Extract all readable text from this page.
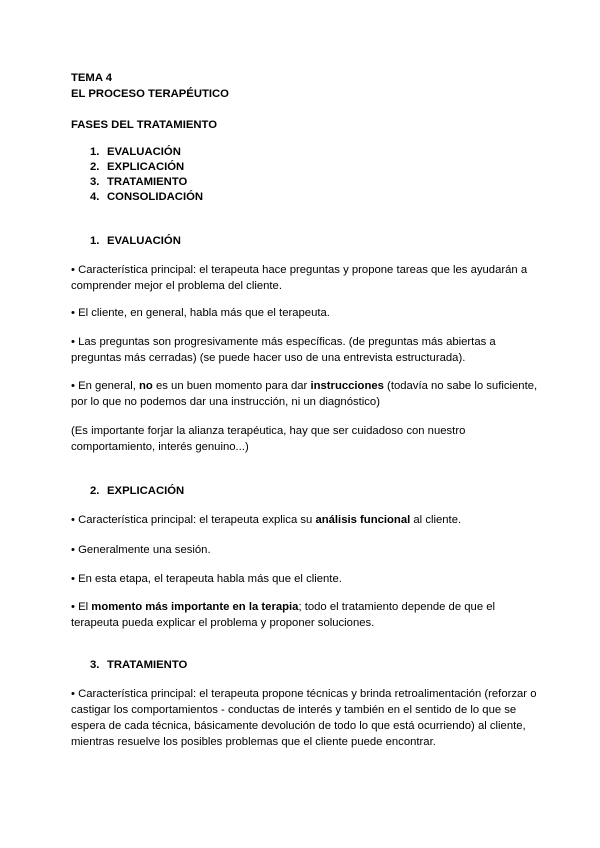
TEMA 4

EL PROCESO TERAPÉUTICO

FASES DEL TRATAMIENTO

1. EVALUACIÓN
2. EXPLICACIÓN
3. TRATAMIENTO
4. CONSOLIDACIÓN

1. EVALUACIÓN

• Característica principal: el terapeuta hace preguntas y propone tareas que les ayudarán a comprender mejor el problema del cliente.

• El cliente, en general, habla más que el terapeuta.

• Las preguntas son progresivamente más específicas. (de preguntas más abiertas a preguntas más cerradas) (se puede hacer uso de una entrevista estructurada).

• En general, no es un buen momento para dar instrucciones (todavía no sabe lo suficiente, por lo que no podemos dar una instrucción, ni un diagnóstico)

(Es importante forjar la alianza terapéutica, hay que ser cuidadoso con nuestro comportamiento, interés genuino...)

2. EXPLICACIÓN

• Característica principal: el terapeuta explica su análisis funcional al cliente.

• Generalmente una sesión.

• En esta etapa, el terapeuta habla más que el cliente.

• El momento más importante en la terapia; todo el tratamiento depende de que el terapeuta pueda explicar el problema y proponer soluciones.

3. TRATAMIENTO

• Característica principal: el terapeuta propone técnicas y brinda retroalimentación (reforzar o castigar los comportamientos - conductas de interés y también en el sentido de lo que se espera de cada técnica, básicamente devolución de todo lo que está ocurriendo) al cliente, mientras resuelve los posibles problemas que el cliente puede encontrar.
